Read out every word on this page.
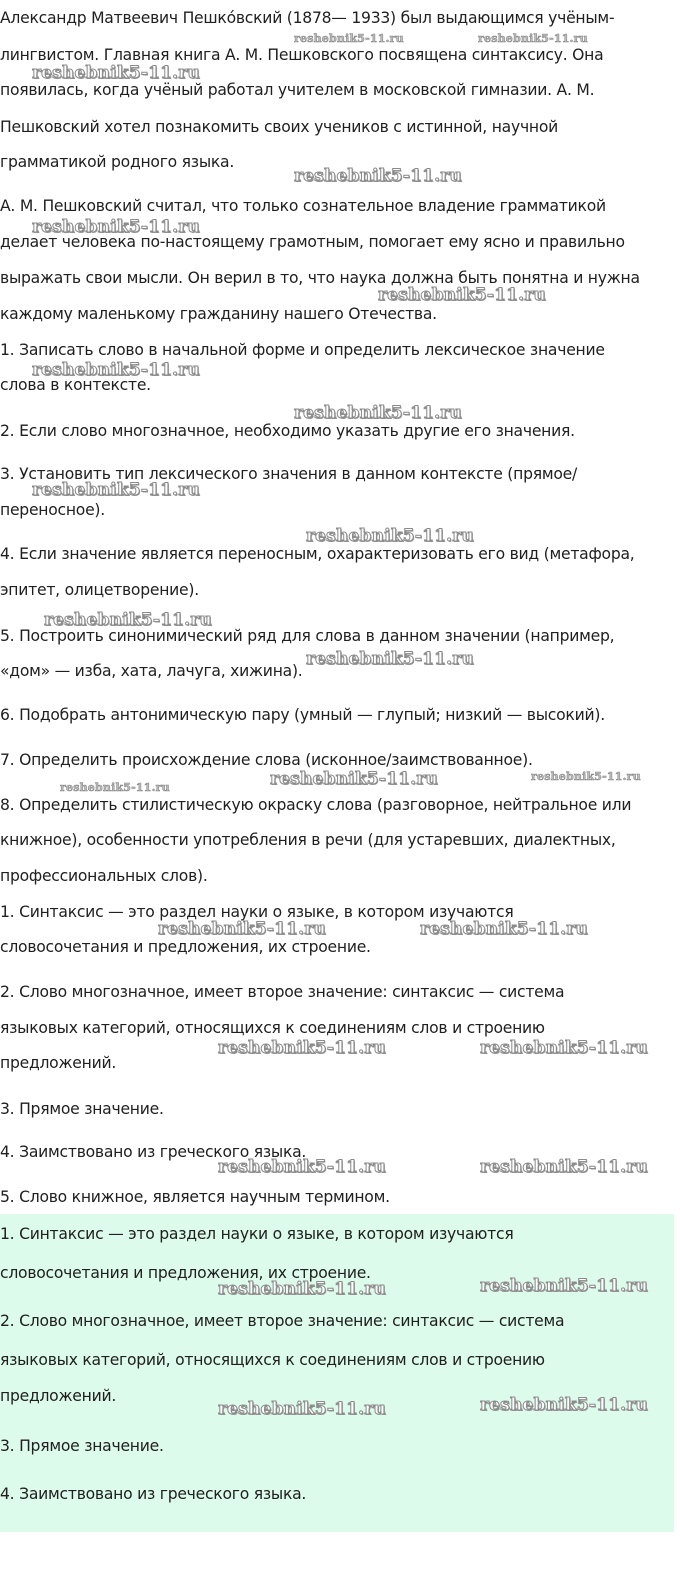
Александр Матвеевич Пешко́вский (1878— 1933) был выдающимся учёным-

лингвистом. Главная книга А. М. Пешковского посвящена синтаксису. Она

появилась, когда учёный работал учителем в московской гимназии. А. М.

Пешковский хотел познакомить своих учеников с истинной, научной

грамматикой родного языка.

А. М. Пешковский считал, что только сознательное владение грамматикой

делает человека по-настоящему грамотным, помогает ему ясно и правильно

выражать свои мысли. Он верил в то, что наука должна быть понятна и нужна

каждому маленькому гражданину нашего Отечества.

1. Записать слово в начальной форме и определить лексическое значение

слова в контексте.

2. Если слово многозначное, необходимо указать другие его значения.

3. Установить тип лексического значения в данном контексте (прямое/

переносное).

4. Если значение является переносным, охарактеризовать его вид (метафора,

эпитет, олицетворение).

5. Построить синонимический ряд для слова в данном значении (например,

«дом» — изба, хата, лачуга, хижина).

6. Подобрать антонимическую пару (умный — глупый; низкий — высокий).

7. Определить происхождение слова (исконное/заимствованное).

8. Определить стилистическую окраску слова (разговорное, нейтральное или

книжное), особенности употребления в речи (для устаревших, диалектных,

профессиональных слов).

1. Синтаксис — это раздел науки о языке, в котором изучаются

словосочетания и предложения, их строение.

2. Слово многозначное, имеет второе значение: синтаксис — система

языковых категорий, относящихся к соединениям слов и строению

предложений.

3. Прямое значение.

4. Заимствовано из греческого языка.

5. Слово книжное, является научным термином.

1. Синтаксис — это раздел науки о языке, в котором изучаются

словосочетания и предложения, их строение.

2. Слово многозначное, имеет второе значение: синтаксис — система

языковых категорий, относящихся к соединениям слов и строению

предложений.

3. Прямое значение.

4. Заимствовано из греческого языка.

reshebnik5-11.ru	reshebnik5-11.ru
reshebnik5-11.ru
reshebnik5-11.ru
reshebnik5-11.ru
reshebnik5-11.ru
reshebnik5-11.ru
reshebnik5-11.ru
reshebnik5-11.ru
reshebnik5-11.ru
reshebnik5-11.ru
reshebnik5-11.ru
reshebnik5-11.ru	reshebnik5-11.ru	reshebnik5-11.ru
reshebnik5-11.ru	reshebnik5-11.ru
reshebnik5-11.ru	reshebnik5-11.ru
reshebnik5-11.ru	reshebnik5-11.ru
reshebnik5-11.ru	reshebnik5-11.ru
reshebnik5-11.ru	reshebnik5-11.ru
